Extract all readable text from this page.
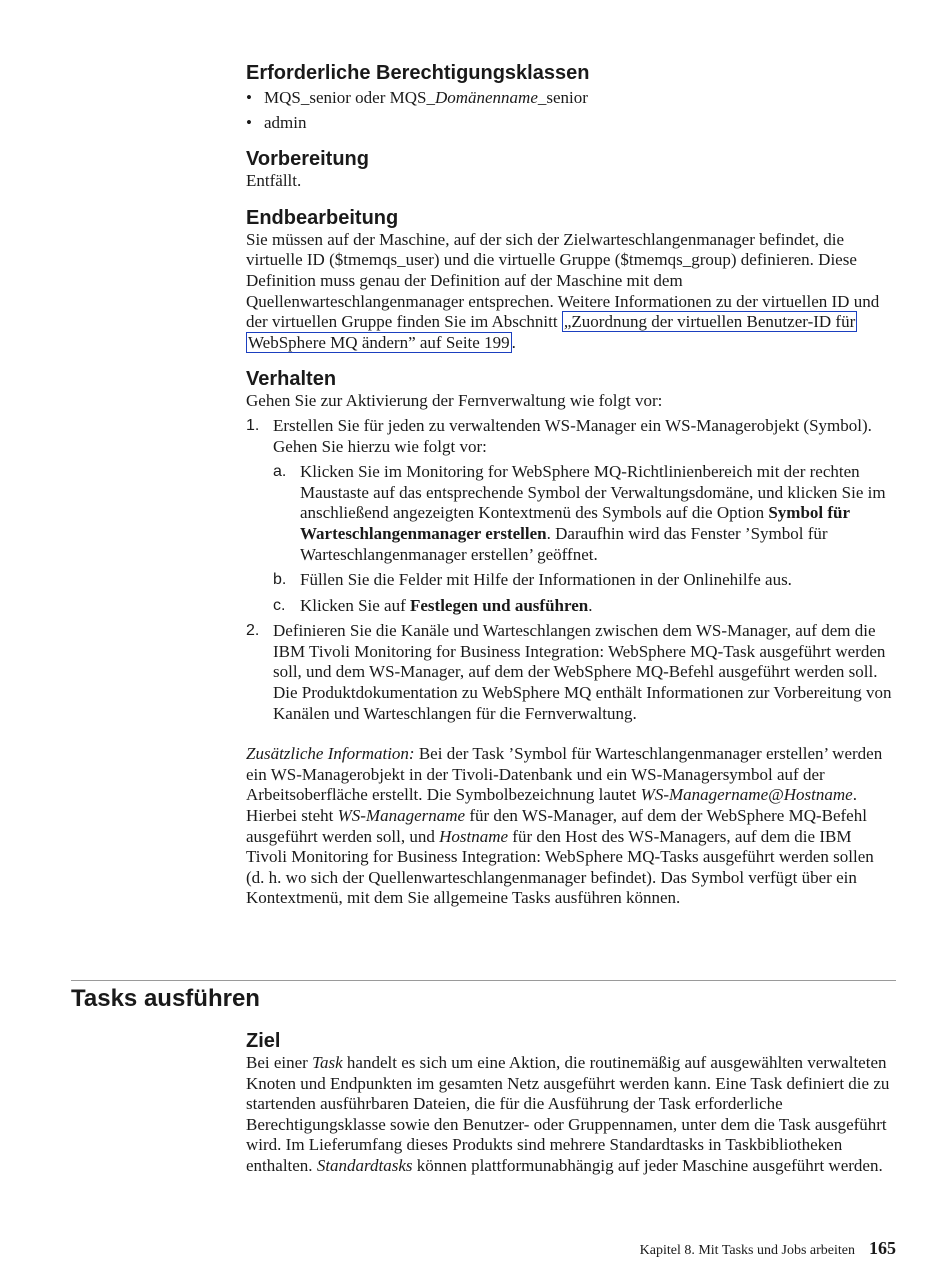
Erforderliche Berechtigungsklassen
• MQS_senior oder MQS_Domänenname_senior
• admin
Vorbereitung

Entfällt.

Endbearbeitung

Sie müssen auf der Maschine, auf der sich der Zielwarteschlangenmanager befindet, die virtuelle ID ($tmemqs_user) und die virtuelle Gruppe ($tmemqs_group) definieren. Diese Definition muss genau der Definition auf der Maschine mit dem Quellenwarteschlangenmanager entsprechen. Weitere Informationen zu der virtuellen ID und der virtuellen Gruppe finden Sie im Abschnitt „Zuordnung der virtuellen Benutzer-ID für WebSphere MQ ändern” auf Seite 199 .

Verhalten

Gehen Sie zur Aktivierung der Fernverwaltung wie folgt vor:

1. Erstellen Sie für jeden zu verwaltenden WS-Manager ein WS-Managerobjekt (Symbol). Gehen Sie hierzu wie folgt vor:
a. Klicken Sie im Monitoring for WebSphere MQ-Richtlinienbereich mit der rechten Maustaste auf das entsprechende Symbol der Verwaltungsdomäne, und klicken Sie im anschließend angezeigten Kontextmenü des Symbols auf die Option Symbol für Warteschlangenmanager erstellen. Daraufhin wird das Fenster ’Symbol für Warteschlangenmanager erstellen’ geöffnet.
b. Füllen Sie die Felder mit Hilfe der Informationen in der Onlinehilfe aus.
c. Klicken Sie auf Festlegen und ausführen.
2. Definieren Sie die Kanäle und Warteschlangen zwischen dem WS-Manager, auf dem die IBM Tivoli Monitoring for Business Integration: WebSphere MQ-Task ausgeführt werden soll, und dem WS-Manager, auf dem der WebSphere MQ-Befehl ausgeführt werden soll. Die Produktdokumentation zu WebSphere MQ enthält Informationen zur Vorbereitung von Kanälen und Warteschlangen für die Fernverwaltung.

Zusätzliche Information: Bei der Task ’Symbol für Warteschlangenmanager erstellen’ werden ein WS-Managerobjekt in der Tivoli-Datenbank und ein WS-Managersymbol auf der Arbeitsoberfläche erstellt. Die Symbolbezeichnung lautet WS-Managername@Hostname. Hierbei steht WS-Managername für den WS-Manager, auf dem der WebSphere MQ-Befehl ausgeführt werden soll, und Hostname für den Host des WS-Managers, auf dem die IBM Tivoli Monitoring for Business Integration: WebSphere MQ-Tasks ausgeführt werden sollen (d. h. wo sich der Quellenwarteschlangenmanager befindet). Das Symbol verfügt über ein Kontextmenü, mit dem Sie allgemeine Tasks ausführen können.

Tasks ausführen
Ziel

Bei einer Task handelt es sich um eine Aktion, die routinemäßig auf ausgewählten verwalteten Knoten und Endpunkten im gesamten Netz ausgeführt werden kann. Eine Task definiert die zu startenden ausführbaren Dateien, die für die Ausführung der Task erforderliche Berechtigungsklasse sowie den Benutzer- oder Gruppennamen, unter dem die Task ausgeführt wird. Im Lieferumfang dieses Produkts sind mehrere Standardtasks in Taskbibliotheken enthalten. Standardtasks können plattformunabhängig auf jeder Maschine ausgeführt werden.

Kapitel 8. Mit Tasks und Jobs arbeiten 165
